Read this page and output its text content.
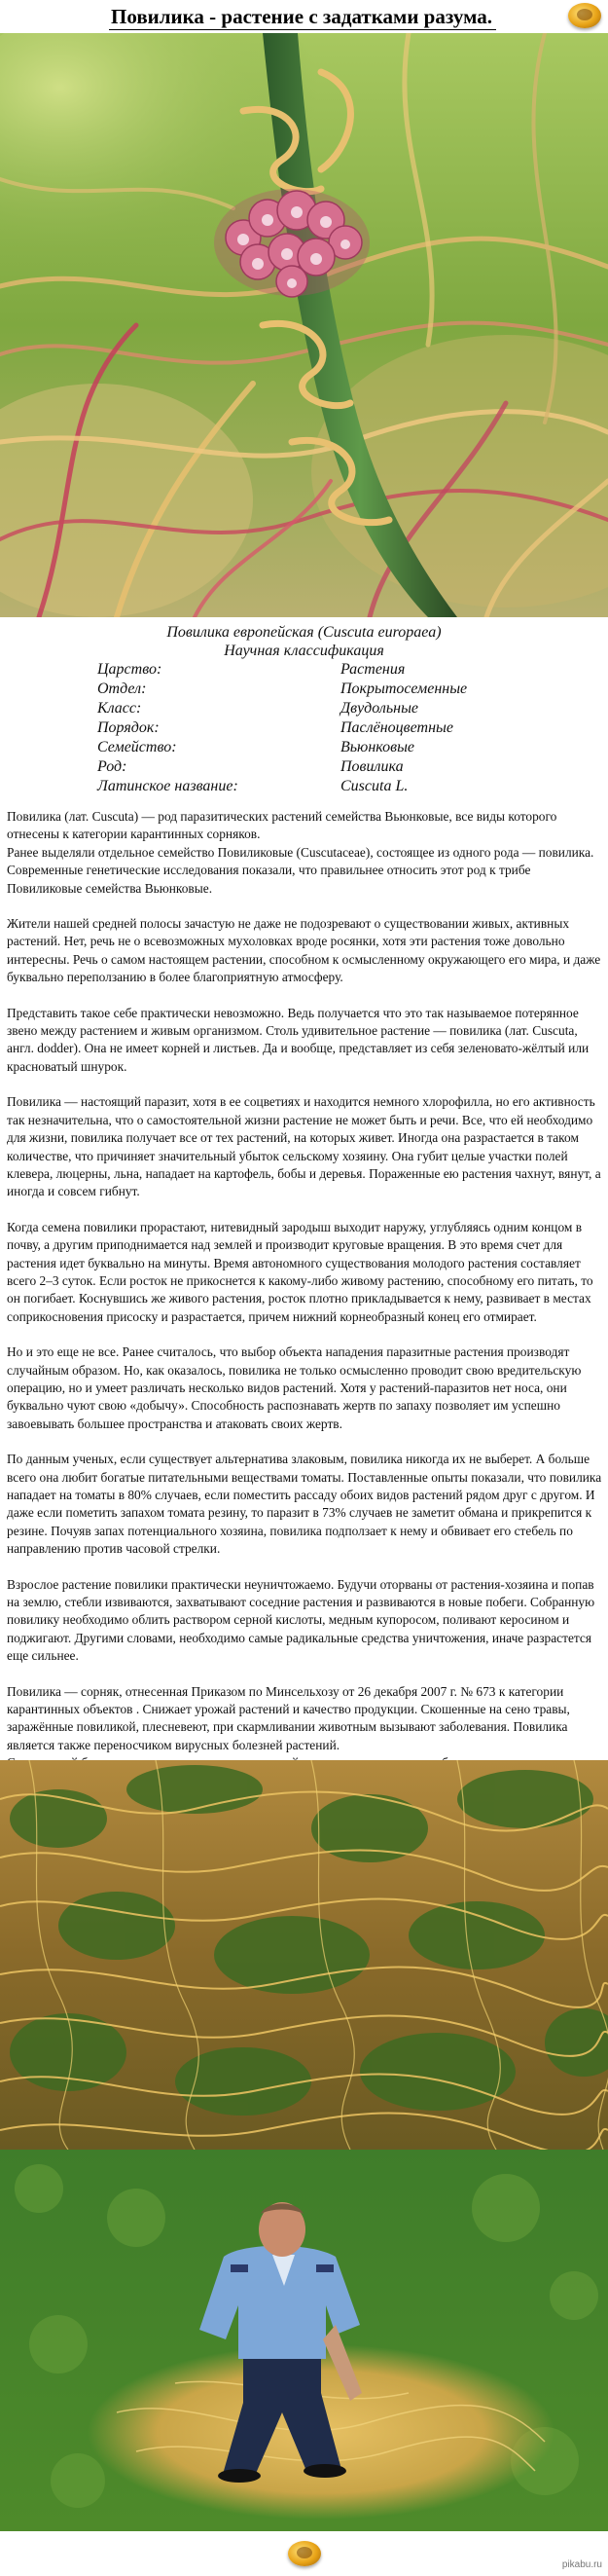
Повилика - растение с задатками разума.
Повилика европейская (Cuscuta europaea)
Научная классификация
Царство:	Растения
Отдел:	Покрытосеменные
Класс:	Двудольные
Порядок:	Паслёноцветные
Семейство:	Вьюнковые
Род:	Повилика
Латинское название:	Cuscuta L.

Повилика (лат. Cuscuta) — род паразитических растений семейства Вьюнковые, все виды которого отнесены к категории карантинных сорняков.

Ранее выделяли отдельное семейство Повиликовые (Cuscutaceae), состоящее из одного рода — повилика. Современные генетические исследования показали, что правильнее относить этот род к трибе Повиликовые семейства Вьюнковые.

Жители нашей средней полосы зачастую не даже не подозревают о существовании живых, активных растений. Нет, речь не о всевозможных мухоловках вроде росянки, хотя эти растения тоже довольно интересны. Речь о самом настоящем растении, способном к осмысленному окружающего его мира, и даже буквально переползанию в более благоприятную атмосферу.

Представить такое себе практически невозможно. Ведь получается что это так называемое потерянное звено между растением и живым организмом. Столь удивительное растение — повилика (лат. Cuscuta, англ. dodder). Она не имеет корней и листьев. Да и вообще, представляет из себя зеленовато-жёлтый или красноватый шнурок.

Повилика — настоящий паразит, хотя в ее соцветиях и находится немного хлорофилла, но его активность так незначительна, что о самостоятельной жизни растение не может быть и речи. Все, что ей необходимо для жизни, повилика получает все от тех растений, на которых живет. Иногда она разрастается в таком количестве, что причиняет значительный убыток сельскому хозяину. Она губит целые участки полей клевера, люцерны, льна, нападает на картофель, бобы и деревья. Пораженные ею растения чахнут, вянут, а иногда и совсем гибнут.

Когда семена повилики прорастают, нитевидный зародыш выходит наружу, углубляясь одним концом в почву, а другим приподнимается над землей и производит круговые вращения. В это время счет для растения идет буквально на минуты. Время автономного существования молодого растения составляет всего 2–3 суток. Если росток не прикоснется к какому-либо живому растению, способному его питать, то он погибает. Коснувшись же живого растения, росток плотно прикладывается к нему, развивает в местах соприкосновения присоску и разрастается, причем нижний корнеобразный конец его отмирает.

Но и это еще не все. Ранее считалось, что выбор объекта нападения паразитные растения производят случайным образом. Но, как оказалось, повилика не только осмысленно проводит свою вредительскую операцию, но и умеет различать несколько видов растений. Хотя у растений-паразитов нет носа, они буквально чуют свою «добычу». Способность распознавать жертв по запаху позволяет им успешно завоевывать большее пространства и атаковать своих жертв.

По данным ученых, если существует альтернатива злаковым, повилика никогда их не выберет. А больше всего она любит богатые питательными веществами томаты. Поставленные опыты показали, что повилика нападает на томаты в 80% случаев, если поместить рассаду обоих видов растений рядом друг с другом. И даже если пометить запахом томата резину, то паразит в 73% случаев не заметит обмана и прикрепится к резине. Почуяв запах потенциального хозяина, повилика подползает к нему и обвивает его стебель по направлению против часовой стрелки.

Взрослое растение повилики практически неуничтожаемо. Будучи оторваны от растения-хозяина и попав на землю, стебли извиваются, захватывают соседние растения и развиваются в новые побеги. Собранную повилику необходимо облить раствором серной кислоты, медным купоросом, поливают керосином и поджигают. Другими словами, необходимо самые радикальные средства уничтожения, иначе разрастется еще сильнее.

Повилика — сорняк, отнесенная Приказом по Минсельхозу от 26 декабря 2007 г. № 673 к категории карантинных объектов . Снижает урожай растений и качество продукции. Скошенные на сено травы, заражённые повиликой, плесневеют, при скармливании животным вызывают заболевания. Повилика является также переносчиком вирусных болезней растений.

pikabu.ru
